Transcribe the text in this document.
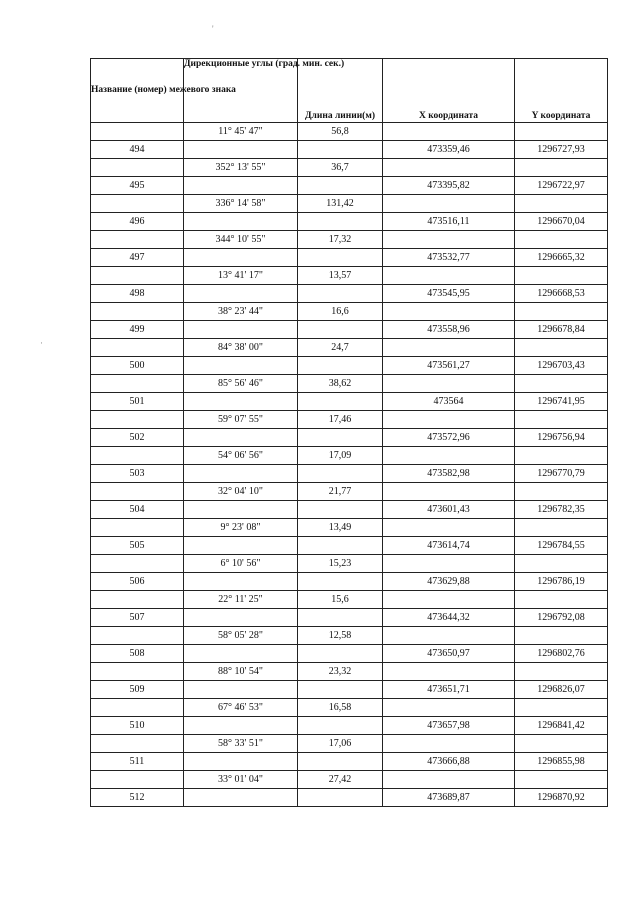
'
·
Название (номер) межевого знака	Дирекционные углы (град. мин. сек.)	Длина линии(м)	X координата	Y координата
	11° 45' 47"	56,8		
494			473359,46	1296727,93
	352° 13' 55"	36,7		
495			473395,82	1296722,97
	336° 14' 58"	131,42		
496			473516,11	1296670,04
	344° 10' 55"	17,32		
497			473532,77	1296665,32
	13° 41' 17"	13,57		
498			473545,95	1296668,53
	38° 23' 44"	16,6		
499			473558,96	1296678,84
	84° 38' 00"	24,7		
500			473561,27	1296703,43
	85° 56' 46"	38,62		
501			473564	1296741,95
	59° 07' 55"	17,46		
502			473572,96	1296756,94
	54° 06' 56"	17,09		
503			473582,98	1296770,79
	32° 04' 10"	21,77		
504			473601,43	1296782,35
	9° 23' 08"	13,49		
505			473614,74	1296784,55
	6° 10' 56"	15,23		
506			473629,88	1296786,19
	22° 11' 25"	15,6		
507			473644,32	1296792,08
	58° 05' 28"	12,58		
508			473650,97	1296802,76
	88° 10' 54"	23,32		
509			473651,71	1296826,07
	67° 46' 53"	16,58		
510			473657,98	1296841,42
	58° 33' 51"	17,06		
511			473666,88	1296855,98
	33° 01' 04"	27,42		
512			473689,87	1296870,92
